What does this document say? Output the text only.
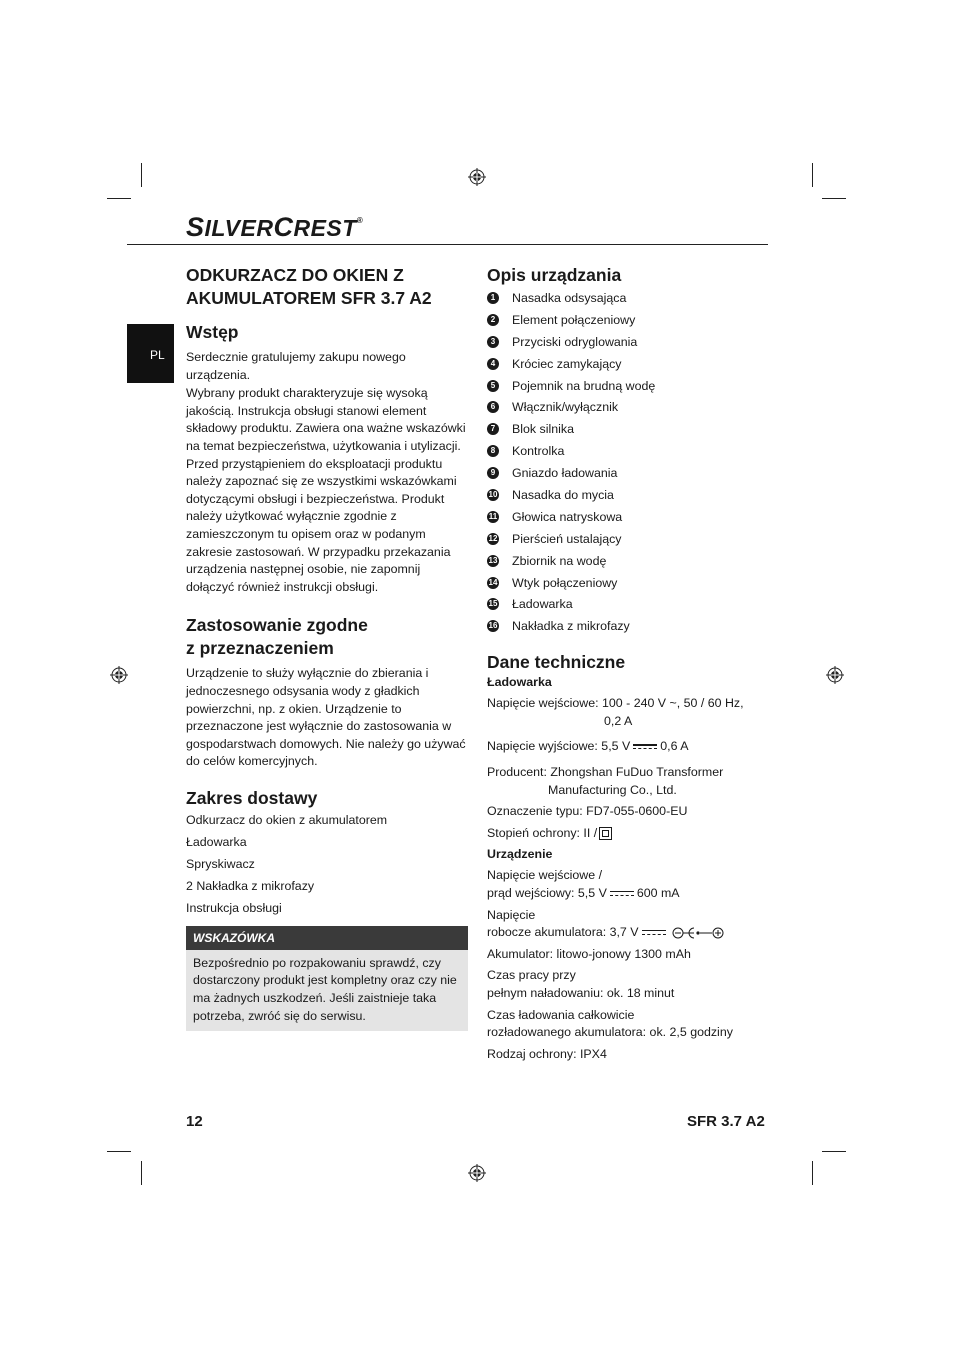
SILVERCREST®
PL
ODKURZACZ DO OKIEN Z
AKUMULATOREM SFR 3.7 A2
Wstęp

Serdecznie gratulujemy zakupu nowego urządzenia.

Wybrany produkt charakteryzuje się wysoką jakością. Instrukcja obsługi stanowi element składowy produktu. Zawiera ona ważne wskazówki na temat bezpieczeństwa, użytkowania i utylizacji. Przed przystąpieniem do eksploatacji produktu należy zapoznać się ze wszystkimi wskazówkami dotyczącymi obsługi i bezpieczeństwa. Produkt należy użytkować wyłącznie zgodnie z zamieszczonym tu opisem oraz w podanym zakresie zastosowań. W przypadku przekazania urządzenia następnej osobie, nie zapomnij dołączyć również instrukcji obsługi.

Zastosowanie zgodne
z przeznaczeniem

Urządzenie to służy wyłącznie do zbierania i jednoczesnego odsysania wody z gładkich powierzchni, np. z okien. Urządzenie to przeznaczone jest wyłącznie do zastosowania w gospodarstwach domowych. Nie należy go używać do celów komercyjnych.

Zakres dostawy

Odkurzacz do okien z akumulatorem

Ładowarka

Spryskiwacz

2 Nakładka z mikrofazy

Instrukcja obsługi

WSKAZÓWKA
Bezpośrednio po rozpakowaniu sprawdź, czy dostarczony produkt jest kompletny oraz czy nie ma żadnych uszkodzeń. Jeśli zaistnieje taka potrzeba, zwróć się do serwisu.
Opis urządzania
1	Nasadka odsysająca
2	Element połączeniowy
3	Przyciski odryglowania
4	Króciec zamykający
5	Pojemnik na brudną wodę
6	Włącznik/wyłącznik
7	Blok silnika
8	Kontrolka
9	Gniazdo ładowania
10 Nasadka do mycia
11 Głowica natryskowa
12 Pierścień ustalający
13 Zbiornik na wodę
14 Wtyk połączeniowy
15 Ładowarka
16 Nakładka z mikrofazy
Dane techniczne
Ładowarka

Napięcie wejściowe: 100 - 240 V ~, 50 / 60 Hz,
0,2 A

Napięcie wyjściowe: 5,5 V 0,6 A

Producent: Zhongshan FuDuo Transformer
Manufacturing Co., Ltd.

Oznaczenie typu: FD7-055-0600-EU

Stopień ochrony: II /

Urządzenie

Napięcie wejściowe /
prąd wejściowy: 5,5 V 600 mA

Napięcie
robocze akumulatora: 3,7 V

Akumulator: litowo-jonowy 1300 mAh

Czas pracy przy
pełnym naładowaniu: ok. 18 minut

Czas ładowania całkowicie
rozładowanego akumulatora: ok. 2,5 godziny

Rodzaj ochrony: IPX4

12	SFR 3.7 A2
